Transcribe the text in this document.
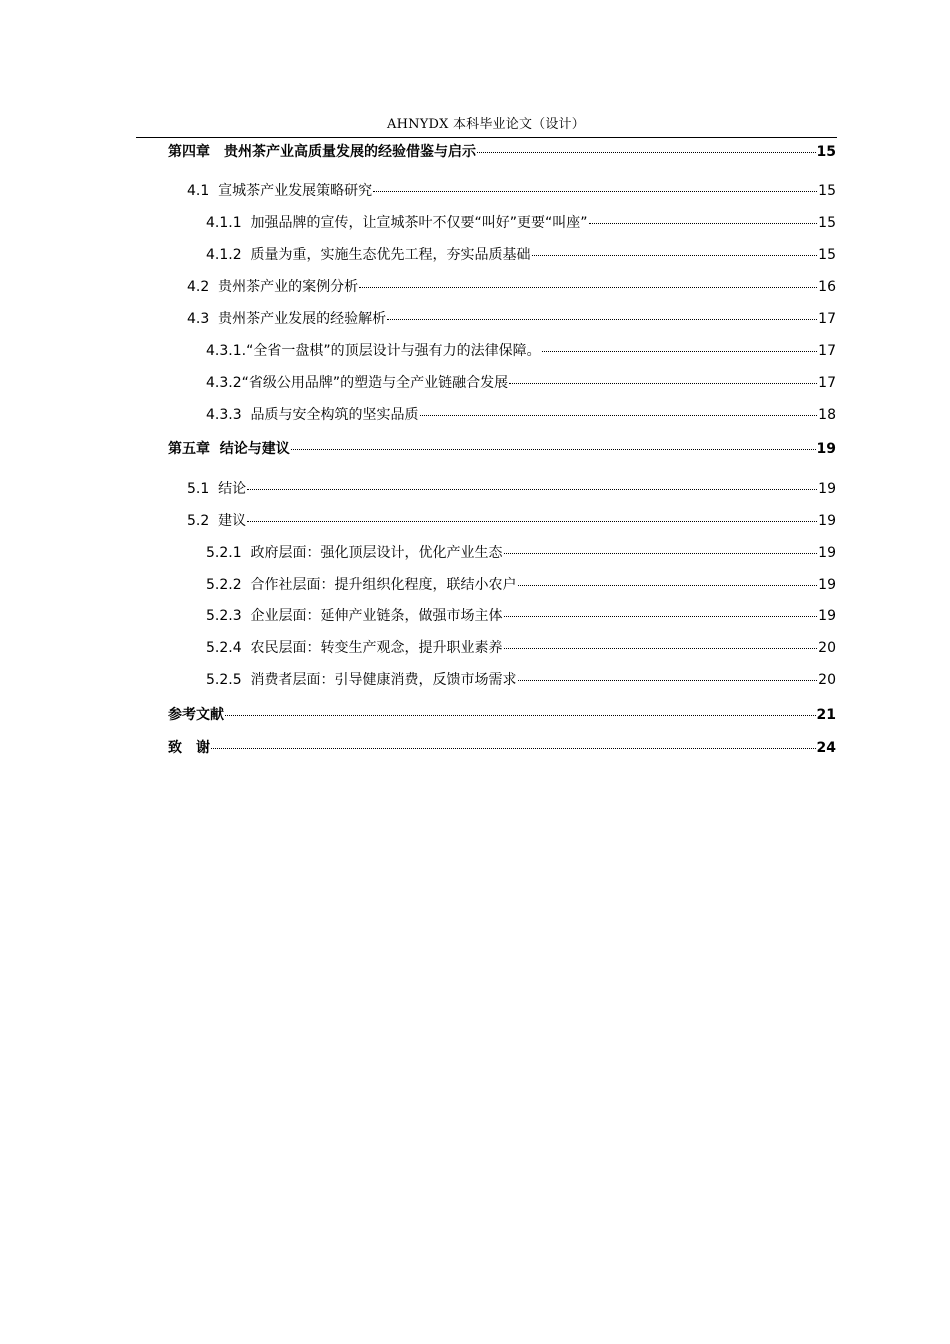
AHNYDX 本科毕业论文（设计）
第四章　贵州茶产业高质量发展的经验借鉴与启示	15
4.1  宣城茶产业发展策略研究	15
4.1.1  加强品牌的宣传，让宣城茶叶不仅要“叫好”更要“叫座”	15
4.1.2  质量为重，实施生态优先工程，夯实品质基础	15
4.2  贵州茶产业的案例分析	16
4.3  贵州茶产业发展的经验解析	17
4.3.1.“全省一盘棋”的顶层设计与强有力的法律保障。	17
4.3.2“省级公用品牌”的塑造与全产业链融合发展	17
4.3.3  品质与安全构筑的坚实品质	18
第五章  结论与建议	19
5.1  结论	19
5.2  建议	19
5.2.1  政府层面：强化顶层设计，优化产业生态	19
5.2.2  合作社层面：提升组织化程度，联结小农户	19
5.2.3  企业层面：延伸产业链条，做强市场主体	19
5.2.4  农民层面：转变生产观念，提升职业素养	20
5.2.5  消费者层面：引导健康消费，反馈市场需求	20
参考文献	21
致　谢	24
